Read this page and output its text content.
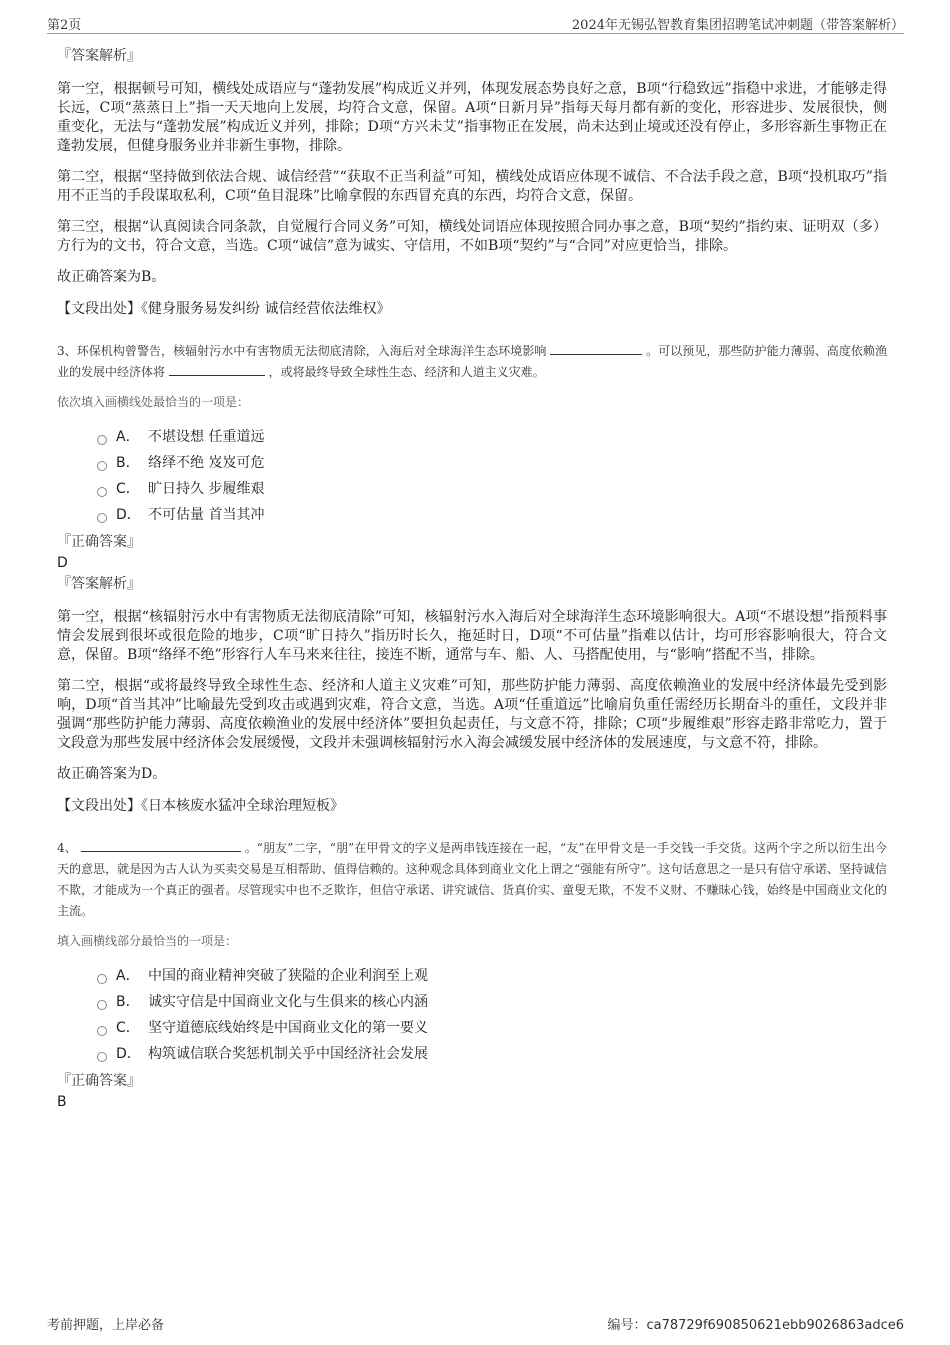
第2页	2024年无锡弘智教育集团招聘笔试冲刺题（带答案解析）
『答案解析』

第一空，根据顿号可知，横线处成语应与“蓬勃发展”构成近义并列，体现发展态势良好之意，B项“行稳致远”指稳中求进，才能够走得长远，C项“蒸蒸日上”指一天天地向上发展，均符合文意，保留。A项“日新月异”指每天每月都有新的变化，形容进步、发展很快，侧重变化，无法与“蓬勃发展”构成近义并列，排除；D项“方兴未艾”指事物正在发展，尚未达到止境或还没有停止，多形容新生事物正在蓬勃发展，但健身服务业并非新生事物，排除。

第二空，根据“坚持做到依法合规、诚信经营”“获取不正当利益”可知，横线处成语应体现不诚信、不合法手段之意，B项“投机取巧”指用不正当的手段谋取私利，C项“鱼目混珠”比喻拿假的东西冒充真的东西，均符合文意，保留。

第三空，根据“认真阅读合同条款，自觉履行合同义务”可知，横线处词语应体现按照合同办事之意，B项“契约”指约束、证明双（多）方行为的文书，符合文意，当选。C项“诚信”意为诚实、守信用，不如B项“契约”与“合同”对应更恰当，排除。

故正确答案为B。

【文段出处】《健身服务易发纠纷 诚信经营依法维权》
3、环保机构曾警告，核辐射污水中有害物质无法彻底清除，入海后对全球海洋生态环境影响	。可以预见，那些防护能力薄弱、高度依赖渔业的发展中经济体将	，或将最终导致全球性生态、经济和人道主义灾难。
依次填入画横线处最恰当的一项是：
A． 不堪设想 任重道远
B． 络绎不绝 岌岌可危
C． 旷日持久 步履维艰
D． 不可估量 首当其冲
『正确答案』
D
『答案解析』

第一空，根据“核辐射污水中有害物质无法彻底清除”可知，核辐射污水入海后对全球海洋生态环境影响很大。A项“不堪设想”指预料事情会发展到很坏或很危险的地步，C项“旷日持久”指历时长久，拖延时日，D项“不可估量”指难以估计，均可形容影响很大，符合文意，保留。B项“络绎不绝”形容行人车马来来往往，接连不断，通常与车、船、人、马搭配使用，与“影响”搭配不当，排除。

第二空，根据“或将最终导致全球性生态、经济和人道主义灾难”可知，那些防护能力薄弱、高度依赖渔业的发展中经济体最先受到影响，D项“首当其冲”比喻最先受到攻击或遇到灾难，符合文意，当选。A项“任重道远”比喻肩负重任需经历长期奋斗的重任，文段并非强调“那些防护能力薄弱、高度依赖渔业的发展中经济体”要担负起责任，与文意不符，排除；C项“步履维艰”形容走路非常吃力，置于文段意为那些发展中经济体会发展缓慢，文段并未强调核辐射污水入海会减缓发展中经济体的发展速度，与文意不符，排除。

故正确答案为D。

【文段出处】《日本核废水猛冲全球治理短板》
4、	。“朋友”二字，“朋”在甲骨文的字义是两串钱连接在一起，“友”在甲骨文是一手交钱一手交货。这两个字之所以衍生出今天的意思，就是因为古人认为买卖交易是互相帮助、值得信赖的。这种观念具体到商业文化上谓之“强能有所守”。这句话意思之一是只有信守承诺、坚持诚信不欺，才能成为一个真正的强者。尽管现实中也不乏欺诈，但信守承诺、讲究诚信、货真价实、童叟无欺，不发不义财、不赚昧心钱，始终是中国商业文化的主流。
填入画横线部分最恰当的一项是：
A． 中国的商业精神突破了狭隘的企业利润至上观
B． 诚实守信是中国商业文化与生俱来的核心内涵
C． 坚守道德底线始终是中国商业文化的第一要义
D． 构筑诚信联合奖惩机制关乎中国经济社会发展
『正确答案』
B
考前押题，上岸必备	编号：ca78729f690850621ebb9026863adce6
